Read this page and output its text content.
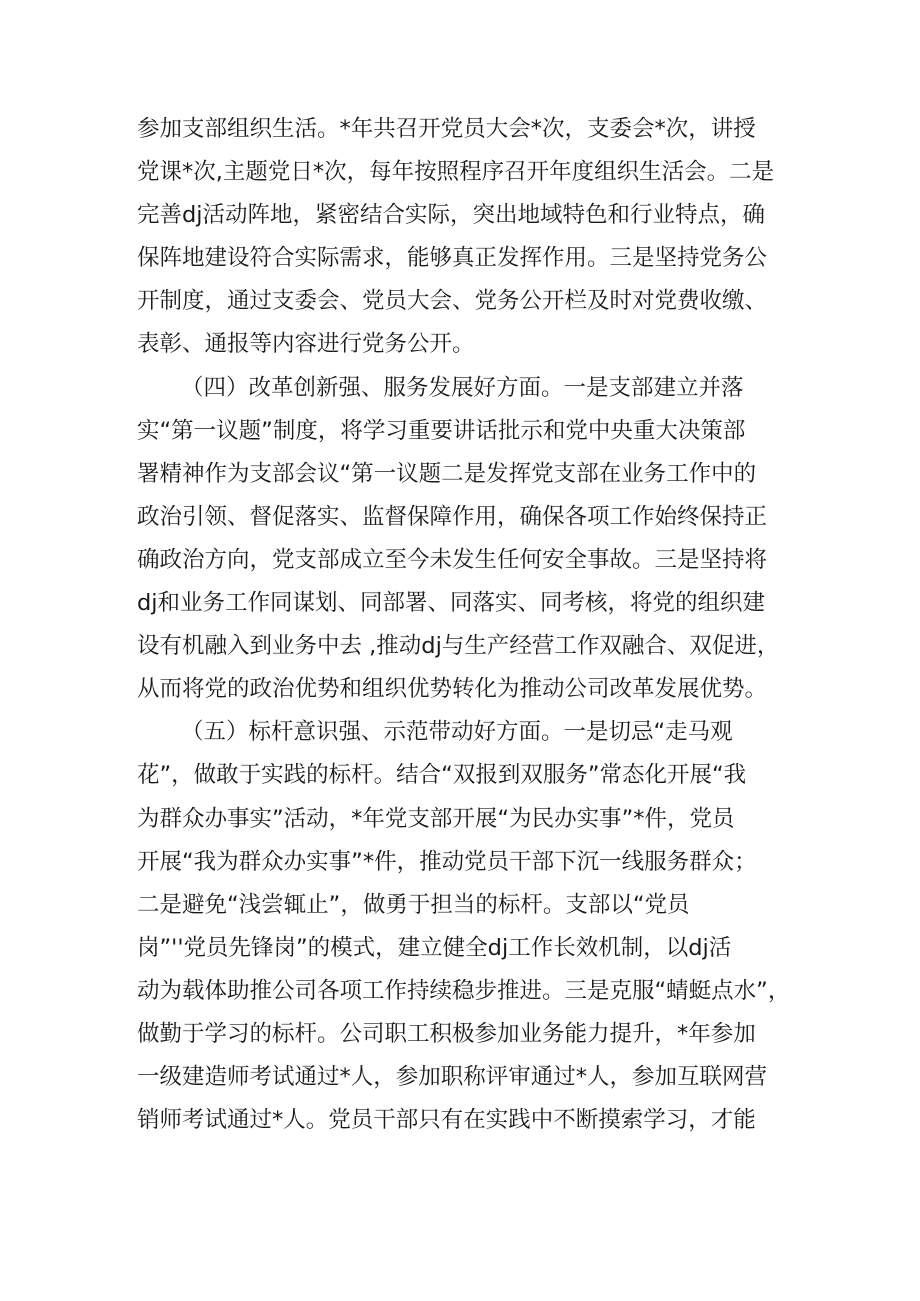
参加支部组织生活。*年共召开党员大会*次，支委会*次，讲授
党课*次,主题党日*次，每年按照程序召开年度组织生活会。二是
完善dj活动阵地，紧密结合实际，突出地域特色和行业特点，确
保阵地建设符合实际需求，能够真正发挥作用。三是坚持党务公
开制度，通过支委会、党员大会、党务公开栏及时对党费收缴、
表彰、通报等内容进行党务公开。
（四）改革创新强、服务发展好方面。一是支部建立并落
实“第一议题”制度，将学习重要讲话批示和党中央重大决策部
署精神作为支部会议“第一议题二是发挥党支部在业务工作中的
政治引领、督促落实、监督保障作用，确保各项工作始终保持正
确政治方向，党支部成立至今未发生任何安全事故。三是坚持将
dj和业务工作同谋划、同部署、同落实、同考核，将党的组织建
设有机融入到业务中去 ,推动dj与生产经营工作双融合、双促进，
从而将党的政治优势和组织优势转化为推动公司改革发展优势。
（五）标杆意识强、示范带动好方面。一是切忌“走马观
花”，做敢于实践的标杆。结合“双报到双服务”常态化开展“我
为群众办事实”活动，*年党支部开展“为民办实事”*件，党员
开展“我为群众办实事”*件，推动党员干部下沉一线服务群众；
二是避免“浅尝辄止”，做勇于担当的标杆。支部以“党员
岗”''党员先锋岗”的模式，建立健全dj工作长效机制，以dj活
动为载体助推公司各项工作持续稳步推进。三是克服“蜻蜓点水”，
做勤于学习的标杆。公司职工积极参加业务能力提升，*年参加
一级建造师考试通过*人，参加职称评审通过*人，参加互联网营
销师考试通过*人。党员干部只有在实践中不断摸索学习，才能
